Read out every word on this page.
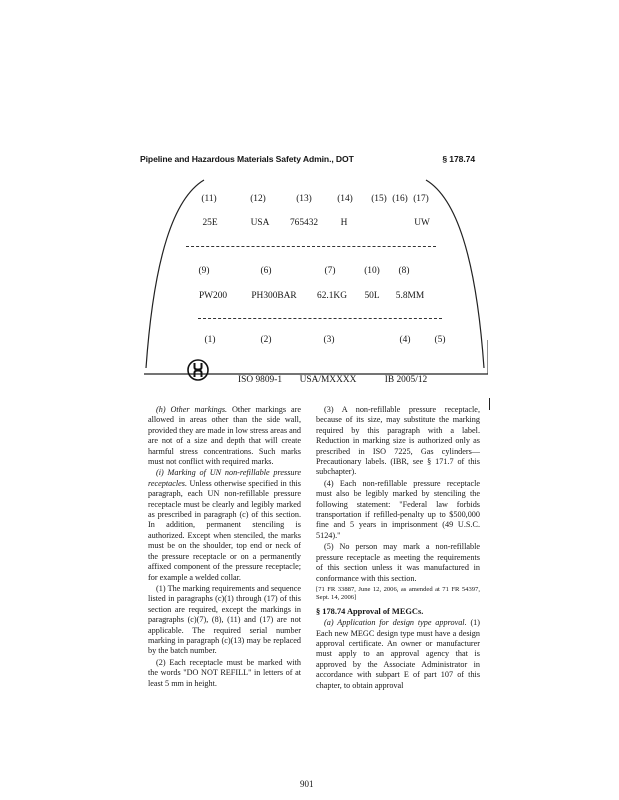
Pipeline and Hazardous Materials Safety Admin., DOT	§ 178.74
(11)	(12)	(13)	(14) (15) (16) (17)
25E	USA 765432 H	UW
(9)	(6)	(7)	(10) (8)
PW200	PH300BAR 62.1KG 50L 5.8MM
(1)	(2)	(3)	(4)	(5)
UN
ISO 9809-1 USA/MXXXX	IB 2005/12

(h) Other markings. Other markings are allowed in areas other than the side wall, provided they are made in low stress areas and are not of a size and depth that will create harmful stress concentrations. Such marks must not conflict with required marks.

(i) Marking of UN non-refillable pressure receptacles. Unless otherwise specified in this paragraph, each UN non-refillable pressure receptacle must be clearly and legibly marked as prescribed in paragraph (c) of this section. In addition, permanent stenciling is authorized. Except when stenciled, the marks must be on the shoulder, top end or neck of the pressure receptacle or on a permanently affixed component of the pressure receptacle; for example a welded collar.

(1) The marking requirements and sequence listed in paragraphs (c)(1) through (17) of this section are required, except the markings in paragraphs (c)(7), (8), (11) and (17) are not applicable. The required serial number marking in paragraph (c)(13) may be replaced by the batch number.

(2) Each receptacle must be marked with the words "DO NOT REFILL" in letters of at least 5 mm in height.

(3) A non-refillable pressure receptacle, because of its size, may substitute the marking required by this paragraph with a label. Reduction in marking size is authorized only as prescribed in ISO 7225, Gas cylinders—Precautionary labels. (IBR, see § 171.7 of this subchapter).

(4) Each non-refillable pressure receptacle must also be legibly marked by stenciling the following statement: "Federal law forbids transportation if refilled-penalty up to $500,000 fine and 5 years in imprisonment (49 U.S.C. 5124)."

(5) No person may mark a non-refillable pressure receptacle as meeting the requirements of this section unless it was manufactured in conformance with this section.

[71 FR 33887, June 12, 2006, as amended at 71 FR 54397, Sept. 14, 2006]

§ 178.74 Approval of MEGCs.

(a) Application for design type approval. (1) Each new MEGC design type must have a design approval certificate. An owner or manufacturer must apply to an approval agency that is approved by the Associate Administrator in accordance with subpart E of part 107 of this chapter, to obtain approval

901
